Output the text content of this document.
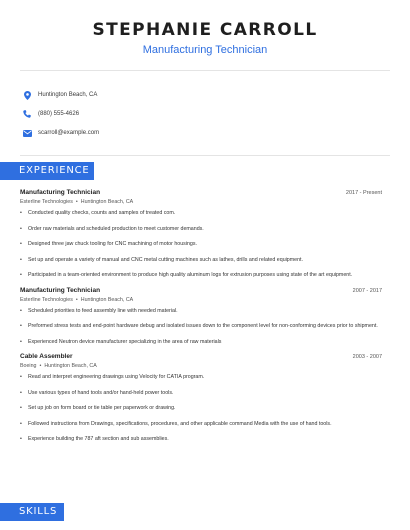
STEPHANIE CARROLL
Manufacturing Technician
Huntington Beach, CA
(880) 555-4626
scarroll@example.com
EXPERIENCE
Manufacturing Technician	2017 - Present
Esterline Technologies • Huntington Beach, CA
•	Conducted quality checks, counts and samples of treated com.
•	Order raw materials and scheduled production to meet customer demands.
•	Designed three jaw chuck tooling for CNC machining of motor housings.
•	Set up and operate a variety of manual and CNC metal cutting machines such as lathes, drills and related equipment.
•	Participated in a team-oriented environment to produce high quality aluminum logs for extrusion purposes using state of the art equipment.
Manufacturing Technician	2007 - 2017
Esterline Technologies • Huntington Beach, CA
•	Scheduled priorities to feed assembly line with needed material.
•	Preformed stress tests and end-point hardware debug and isolated issues down to the component level for non-conforming devices prior to shipment.
•	Experienced Neutron device manufacturer specializing in the area of raw materials
Cable Assembler	2003 - 2007
Boeing • Huntington Beach, CA
•	Read and interpret engineering drawings using Velocity for CATIA program.
•	Use various types of hand tools and/or hand-held power tools.
•	Set up job on form board or tie table per paperwork or drawing.
•	Followed instructions from Drawings, specifications, procedures, and other applicable command Media with the use of hand tools.
•	Experience building the 787 aft section and sub assemblies.
SKILLS
